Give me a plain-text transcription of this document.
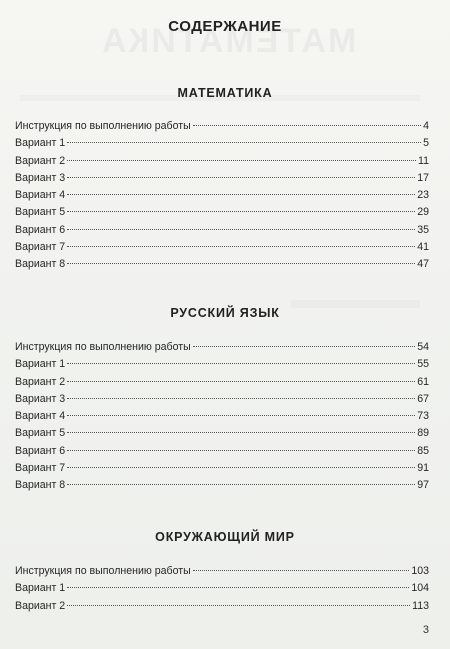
СОДЕРЖАНИЕ
МАТЕМАТИКА
Инструкция по выполнению работы	4
Вариант 1	5
Вариант 2	11
Вариант 3	17
Вариант 4	23
Вариант 5	29
Вариант 6	35
Вариант 7	41
Вариант 8	47
РУССКИЙ ЯЗЫК
Инструкция по выполнению работы	54
Вариант 1	55
Вариант 2	61
Вариант 3	67
Вариант 4	73
Вариант 5	89
Вариант 6	85
Вариант 7	91
Вариант 8	97
ОКРУЖАЮЩИЙ МИР
Инструкция по выполнению работы	103
Вариант 1	104
Вариант 2	113
3
